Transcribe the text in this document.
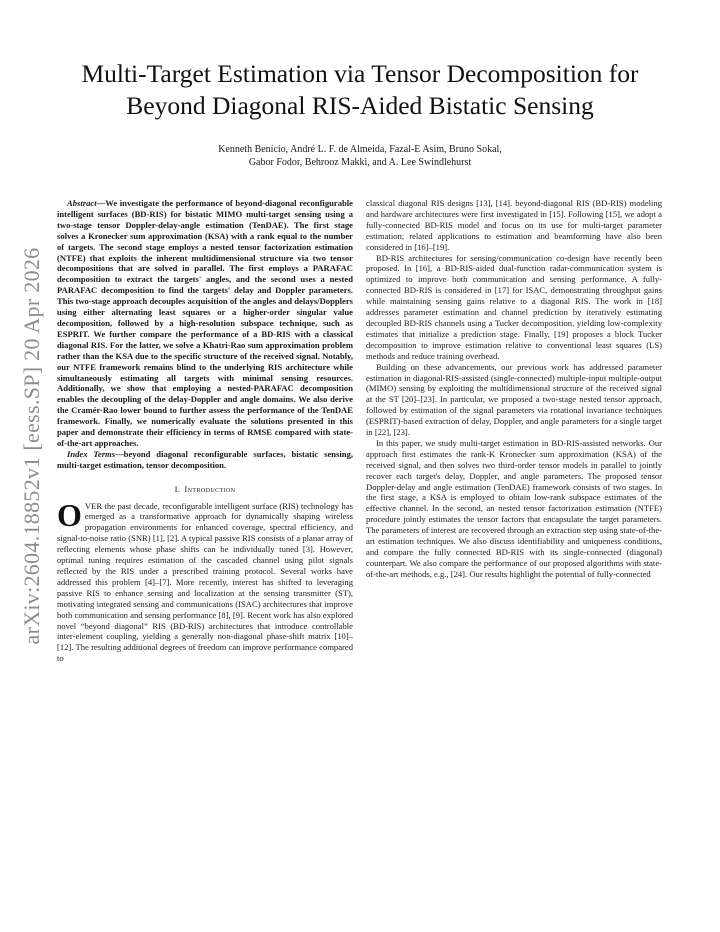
arXiv:2604.18852v1 [eess.SP] 20 Apr 2026
Multi-Target Estimation via Tensor Decomposition for Beyond Diagonal RIS-Aided Bistatic Sensing
Kenneth Benício, André L. F. de Almeida, Fazal-E Asim, Bruno Sokal,
Gabor Fodor, Behrooz Makki, and A. Lee Swindlehurst

Abstract—We investigate the performance of beyond-diagonal reconfigurable intelligent surfaces (BD-RIS) for bistatic MIMO multi-target sensing using a two-stage tensor Doppler-delay-angle estimation (TenDAE). The first stage solves a Kronecker sum approximation (KSA) with a rank equal to the number of targets. The second stage employs a nested tensor factorization estimation (NTFE) that exploits the inherent multidimensional structure via two tensor decompositions that are solved in parallel. The first employs a PARAFAC decomposition to extract the targets' angles, and the second uses a nested PARAFAC decomposition to find the targets' delay and Doppler parameters. This two-stage approach decouples acquisition of the angles and delays/Dopplers using either alternating least squares or a higher-order singular value decomposition, followed by a high-resolution subspace technique, such as ESPRIT. We further compare the performance of a BD-RIS with a classical diagonal RIS. For the latter, we solve a Khatri-Rao sum approximation problem rather than the KSA due to the specific structure of the received signal. Notably, our NTFE framework remains blind to the underlying RIS architecture while simultaneously estimating all targets with minimal sensing resources. Additionally, we show that employing a nested-PARAFAC decomposition enables the decoupling of the delay-Doppler and angle domains. We also derive the Cramér-Rao lower bound to further assess the performance of the TenDAE framework. Finally, we numerically evaluate the solutions presented in this paper and demonstrate their efficiency in terms of RMSE compared with state-of-the-art approaches.

Index Terms—beyond diagonal reconfigurable surfaces, bistatic sensing, multi-target estimation, tensor decomposition.

I. Introduction

OVER the past decade, reconfigurable intelligent surface (RIS) technology has emerged as a transformative approach for dynamically shaping wireless propagation environments for enhanced coverage, spectral efficiency, and signal-to-noise ratio (SNR) [1], [2]. A typical passive RIS consists of a planar array of reflecting elements whose phase shifts can be individually tuned [3]. However, optimal tuning requires estimation of the cascaded channel using pilot signals reflected by the RIS under a prescribed training protocol. Several works have addressed this problem [4]–[7]. More recently, interest has shifted to leveraging passive RIS to enhance sensing and localization at the sensing transmitter (ST), motivating integrated sensing and communications (ISAC) architectures that improve both communication and sensing performance [8], [9]. Recent work has also explored novel “beyond diagonal” RIS (BD-RIS) architectures that introduce controllable inter-element coupling, yielding a generally non-diagonal phase-shift matrix [10]–[12]. The resulting additional degrees of freedom can improve performance compared to

classical diagonal RIS designs [13], [14]. beyond-diagonal RIS (BD-RIS) modeling and hardware architectures were first investigated in [15]. Following [15], we adopt a fully-connected BD-RIS model and focus on its use for multi-target parameter estimation; related applications to estimation and beamforming have also been considered in [16]–[19].

BD-RIS architectures for sensing/communication co-design have recently been proposed. In [16], a BD-RIS-aided dual-function radar-communication system is optimized to improve both communication and sensing performance. A fully-connected BD-RIS is considered in [17] for ISAC, demonstrating throughput gains while maintaining sensing gains relative to a diagonal RIS. The work in [18] addresses parameter estimation and channel prediction by iteratively estimating decoupled BD-RIS channels using a Tucker decomposition, yielding low-complexity estimates that initialize a prediction stage. Finally, [19] proposes a block Tucker decomposition to improve estimation relative to conventional least squares (LS) methods and reduce training overhead.

Building on these advancements, our previous work has addressed parameter estimation in diagonal-RIS-assisted (single-connected) multiple-input multiple-output (MIMO) sensing by exploiting the multidimensional structure of the received signal at the ST [20]–[23]. In particular, we proposed a two-stage nested tensor approach, followed by estimation of the signal parameters via rotational invariance techniques (ESPRIT)-based extraction of delay, Doppler, and angle parameters for a single target in [22], [23].

In this paper, we study multi-target estimation in BD-RIS-assisted networks. Our approach first estimates the rank-K Kronecker sum approximation (KSA) of the received signal, and then solves two third-order tensor models in parallel to jointly recover each target's delay, Doppler, and angle parameters. The proposed tensor Doppler-delay and angle estimation (TenDAE) framework consists of two stages. In the first stage, a KSA is employed to obtain low-rank subspace estimates of the effective channel. In the second, an nested tensor factorization estimation (NTFE) procedure jointly estimates the tensor factors that encapsulate the target parameters. The parameters of interest are recovered through an extraction step using state-of-the-art estimation techniques. We also discuss identifiability and uniqueness conditions, and compare the fully connected BD-RIS with its single-connected (diagonal) counterpart. We also compare the performance of our proposed algorithms with state-of-the-art methods, e.g., [24]. Our results highlight the potential of fully-connected
